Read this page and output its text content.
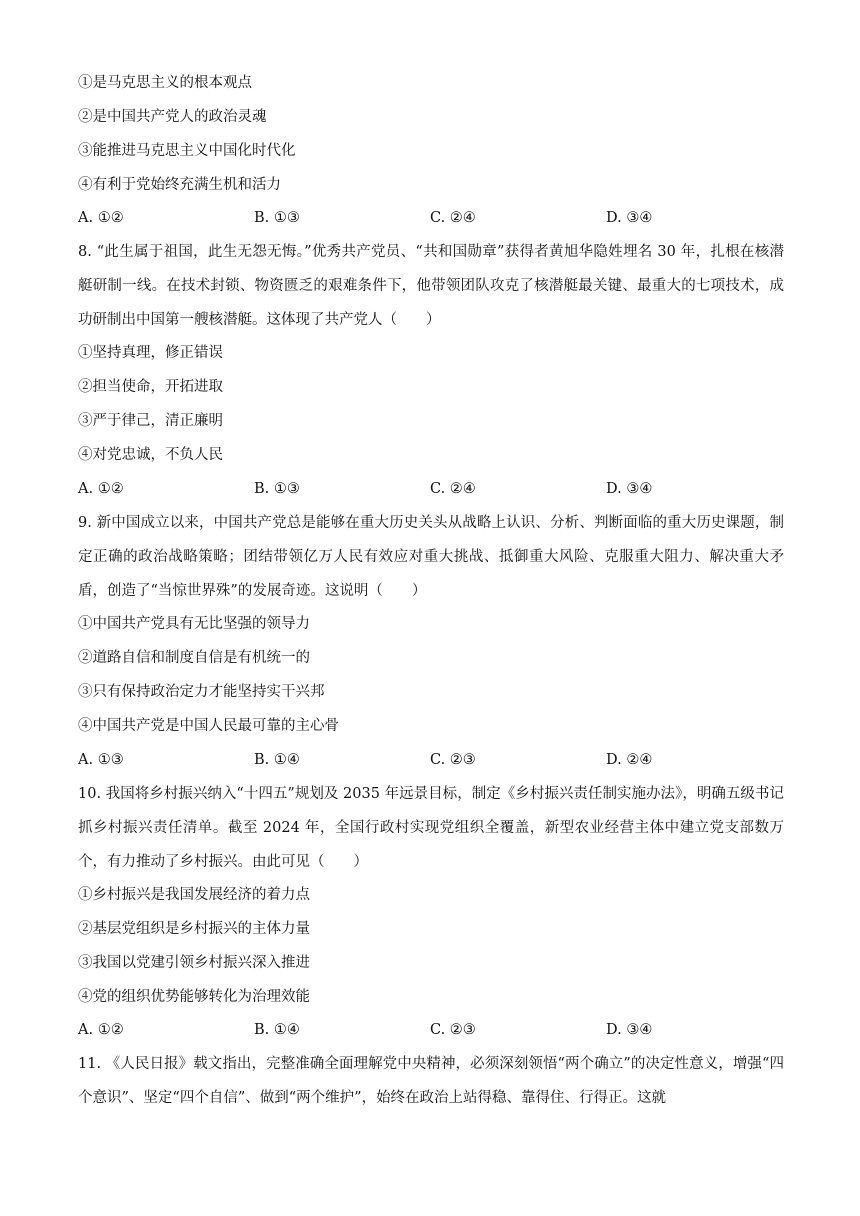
①是马克思主义的根本观点
②是中国共产党人的政治灵魂
③能推进马克思主义中国化时代化
④有利于党始终充满生机和活力
A. ①②	B. ①③	C. ②④	D. ③④
8. “此生属于祖国，此生无怨无悔。”优秀共产党员、“共和国勋章”获得者黄旭华隐姓埋名 30 年，扎根在核潜艇研制一线。在技术封锁、物资匮乏的艰难条件下，他带领团队攻克了核潜艇最关键、最重大的七项技术，成功研制出中国第一艘核潜艇。这体现了共产党人（　　）
①坚持真理，修正错误
②担当使命，开拓进取
③严于律己，清正廉明
④对党忠诚，不负人民
A. ①②	B. ①③	C. ②④	D. ③④
9. 新中国成立以来，中国共产党总是能够在重大历史关头从战略上认识、分析、判断面临的重大历史课题，制定正确的政治战略策略；团结带领亿万人民有效应对重大挑战、抵御重大风险、克服重大阻力、解决重大矛盾，创造了“当惊世界殊”的发展奇迹。这说明（　　）
①中国共产党具有无比坚强的领导力
②道路自信和制度自信是有机统一的
③只有保持政治定力才能坚持实干兴邦
④中国共产党是中国人民最可靠的主心骨
A. ①③	B. ①④	C. ②③	D. ②④
10. 我国将乡村振兴纳入“十四五”规划及 2035 年远景目标，制定《乡村振兴责任制实施办法》，明确五级书记抓乡村振兴责任清单。截至 2024 年，全国行政村实现党组织全覆盖，新型农业经营主体中建立党支部数万个，有力推动了乡村振兴。由此可见（　　）
①乡村振兴是我国发展经济的着力点
②基层党组织是乡村振兴的主体力量
③我国以党建引领乡村振兴深入推进
④党的组织优势能够转化为治理效能
A. ①②	B. ①④	C. ②③	D. ③④
11. 《人民日报》载文指出，完整准确全面理解党中央精神，必须深刻领悟“两个确立”的决定性意义，增强“四个意识”、坚定“四个自信”、做到“两个维护”，始终在政治上站得稳、靠得住、行得正。这就
